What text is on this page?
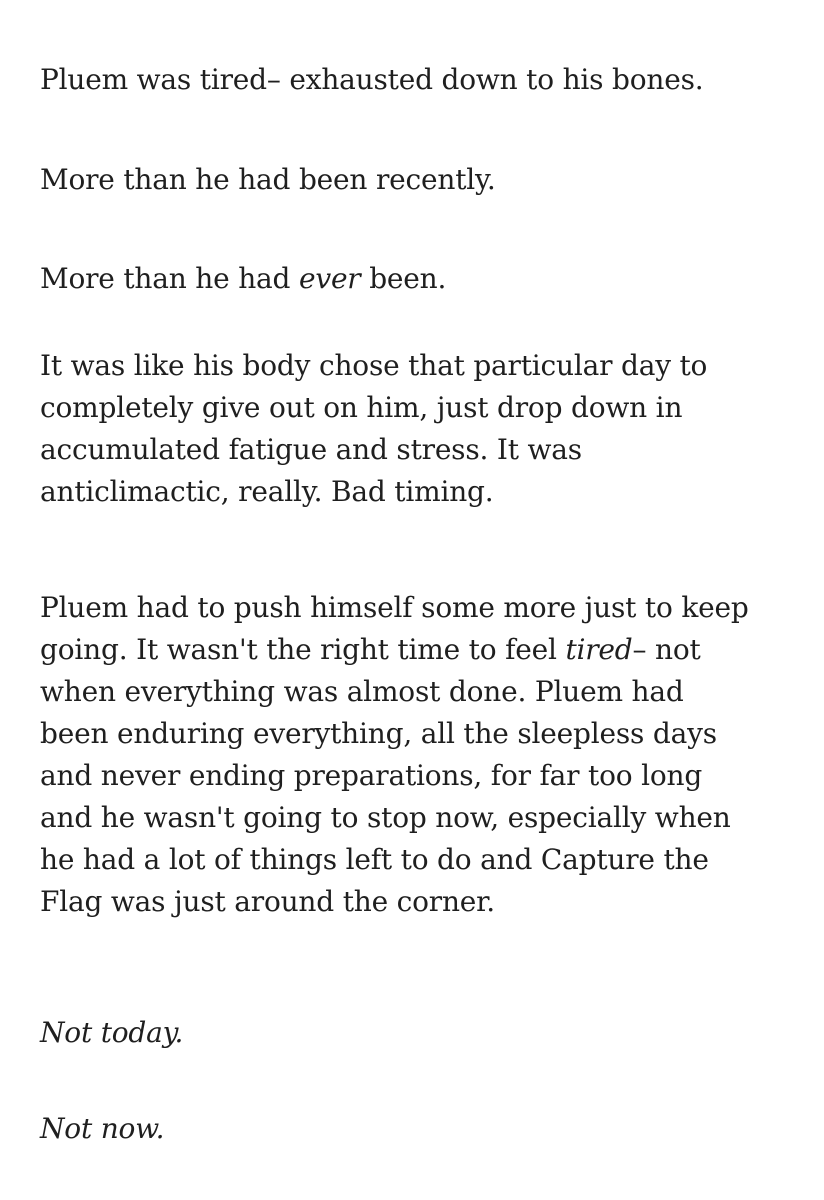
Pluem was tired– exhausted down to his bones.

More than he had been recently.

More than he had ever been.

It was like his body chose that particular day to completely give out on him, just drop down in accumulated fatigue and stress. It was anticlimactic, really. Bad timing.

Pluem had to push himself some more just to keep going. It wasn't the right time to feel tired– not when everything was almost done. Pluem had been enduring everything, all the sleepless days and never ending preparations, for far too long and he wasn't going to stop now, especially when he had a lot of things left to do and Capture the Flag was just around the corner.

Not today.

Not now.
